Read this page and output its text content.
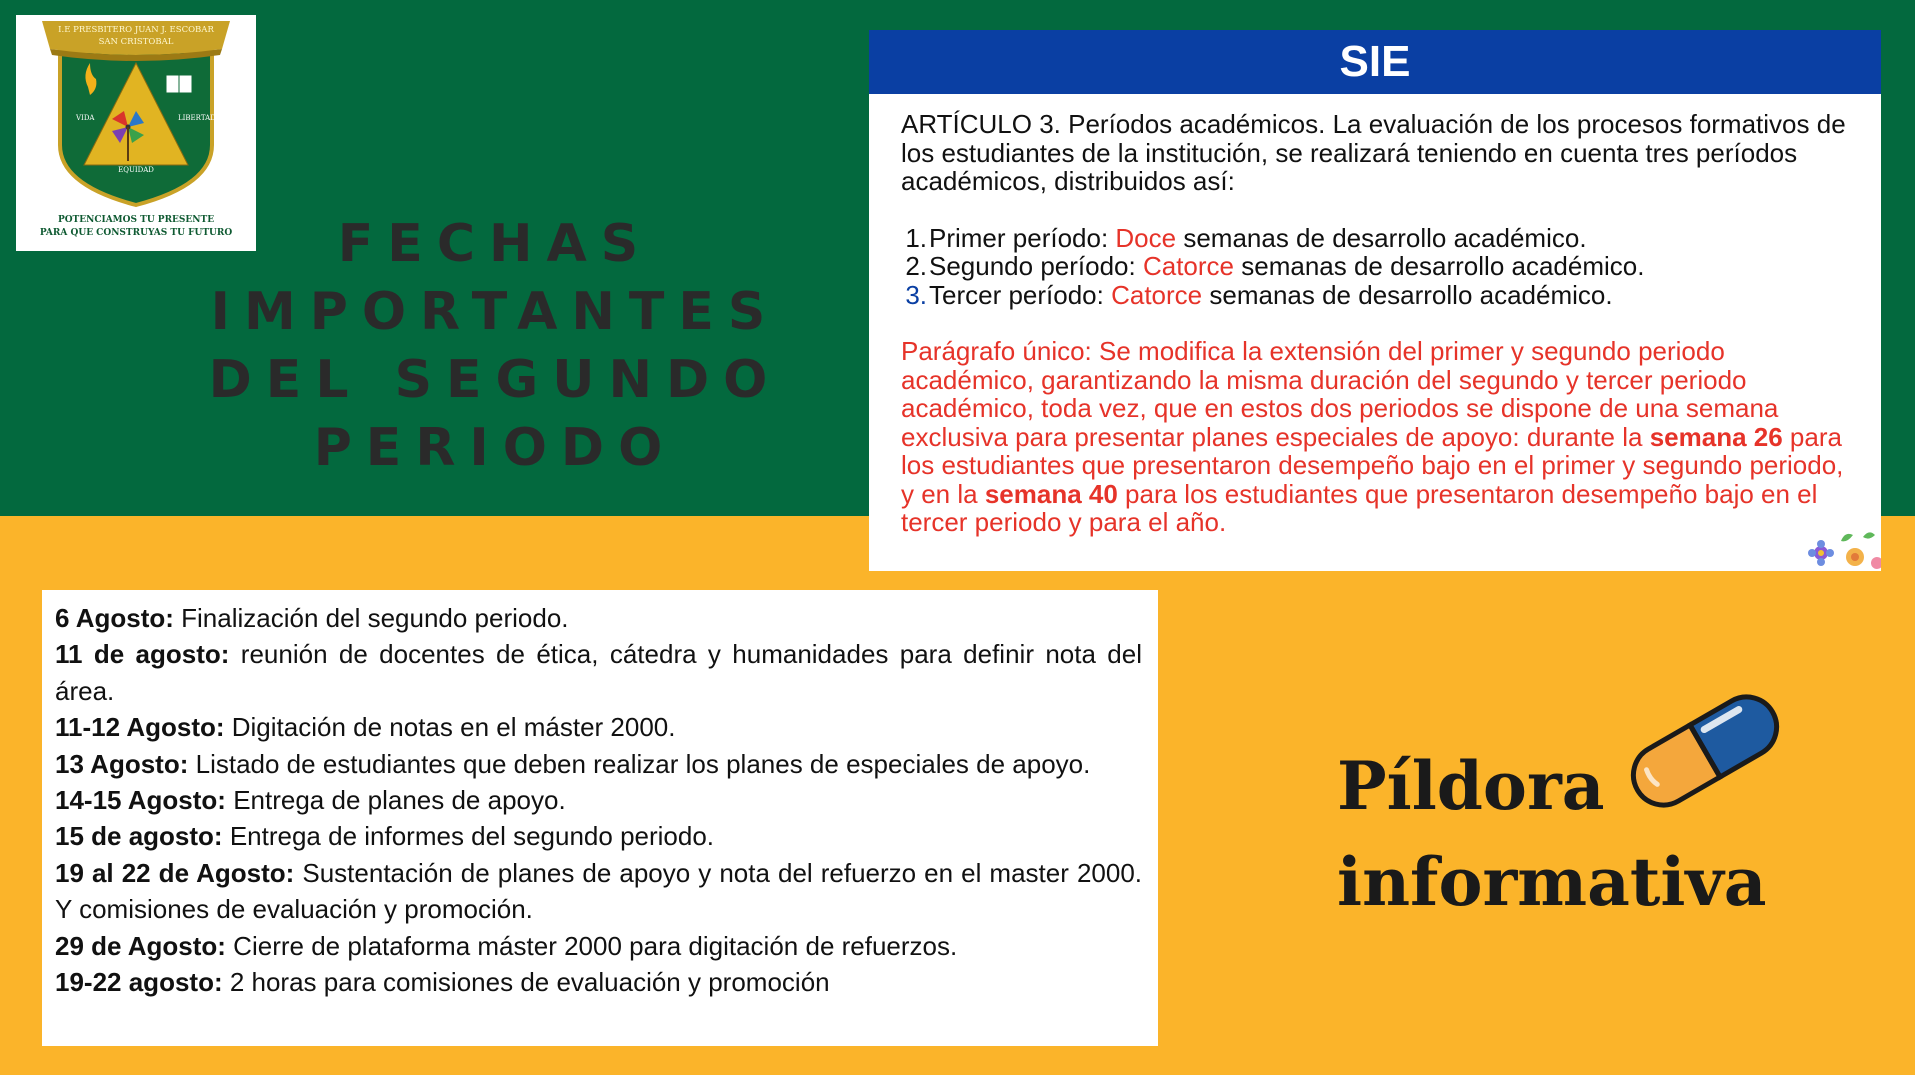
I.E PRESBITERO JUAN J. ESCOBAR
SAN CRISTOBAL
VIDA	LIBERTAD
EQUIDAD
POTENCIAMOS TU PRESENTE
PARA QUE CONSTRUYAS TU FUTURO	FECHAS
IMPORTANTES
DEL SEGUNDO
PERIODO
SIE

ARTÍCULO 3. Períodos académicos. La evaluación de los procesos formativos de los estudiantes de la institución, se realizará teniendo en cuenta tres períodos académicos, distribuidos así:

1. Primer período: Doce semanas de desarrollo académico.
2. Segundo período: Catorce semanas de desarrollo académico.
3. Tercer período: Catorce semanas de desarrollo académico.

Parágrafo único: Se modifica la extensión del primer y segundo periodo académico, garantizando la misma duración del segundo y tercer periodo académico, toda vez, que en estos dos periodos se dispone de una semana exclusiva para presentar planes especiales de apoyo: durante la semana 26 para los estudiantes que presentaron desempeño bajo en el primer y segundo periodo, y en la semana 40 para los estudiantes que presentaron desempeño bajo en el tercer periodo y para el año.

6 Agosto: Finalización del segundo periodo.

11 de agosto: reunión de docentes de ética, cátedra y humanidades para definir nota del área.

11-12 Agosto: Digitación de notas en el máster 2000.

13 Agosto: Listado de estudiantes que deben realizar los planes de especiales de apoyo.

14-15 Agosto: Entrega de planes de apoyo.

15 de agosto: Entrega de informes del segundo periodo.

19 al 22 de Agosto: Sustentación de planes de apoyo y nota del refuerzo en el master 2000. Y comisiones de evaluación y promoción.

29 de Agosto: Cierre de plataforma máster 2000 para digitación de refuerzos.

19-22 agosto: 2 horas para comisiones de evaluación y promoción

Píldora
informativa
